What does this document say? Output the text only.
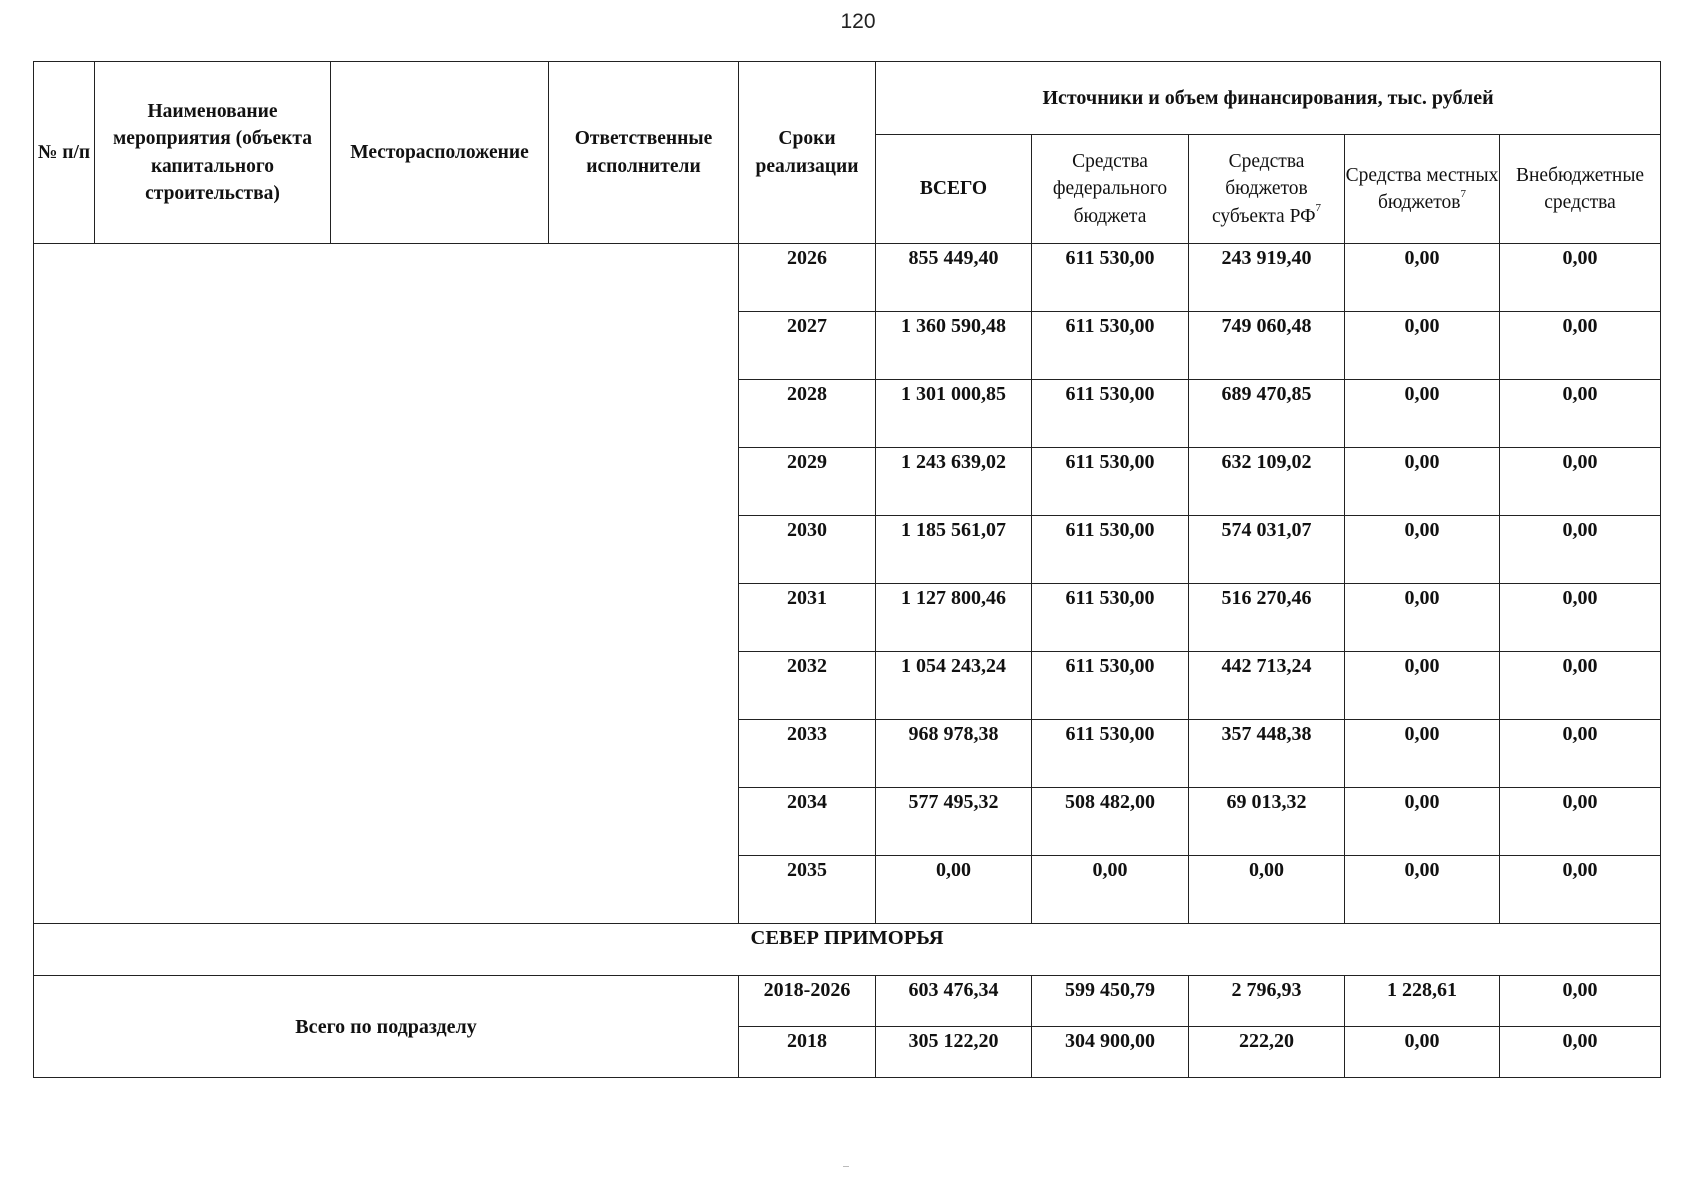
120
№ п/п	Наименование мероприятия (объекта капитального строительства)	Месторасположение	Ответственные исполнители	Сроки реализации	Источники и объем финансирования, тыс. рублей				
					ВСЕГО	Средства федерального бюджета	Средства бюджетов субъекта $РФ^7$	Средства местных бюджетов$^7$	Внебюджетные средства
				2026	855 449,40	611 530,00	243 919,40	0,00	0,00
				2027	1 360 590,48	611 530,00	749 060,48	0,00	0,00
				2028	1 301 000,85	611 530,00	689 470,85	0,00	0,00
				2029	1 243 639,02	611 530,00	632 109,02	0,00	0,00
				2030	1 185 561,07	611 530,00	574 031,07	0,00	0,00
				2031	1 127 800,46	611 530,00	516 270,46	0,00	0,00
				2032	1 054 243,24	611 530,00	442 713,24	0,00	0,00
				2033	968 978,38	611 530,00	357 448,38	0,00	0,00
				2034	577 495,32	508 482,00	69 013,32	0,00	0,00
				2035	0,00	0,00	0,00	0,00	0,00
СЕВЕР ПРИМОРЬЯ									
Всего по подразделу				2018-2026	603 476,34	599 450,79	2 796,93	1 228,61	0,00
				2018	305 122,20	304 900,00	222,20	0,00	0,00
